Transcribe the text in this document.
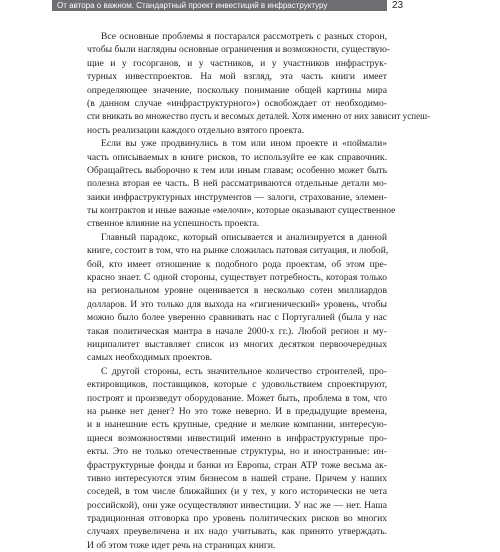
От автора о важном. Стандартный проект инвестиций в инфраструктуру	23
Все основные проблемы я постарался рассмотреть с разных сторон,
чтобы были наглядны основные ограничения и возможности, существую-
щие и у госорганов, и у частников, и у участников инфраструк-
турных инвестпроектов. На мой взгляд, эта часть книги имеет
определяющее значение, поскольку понимание общей картины мира
(в данном случае «инфраструктурного») освобождает от необходимо-
сти вникать во множество пусть и весомых деталей. Хотя именно от них зависит успеш-
ность реализации каждого отдельно взятого проекта.
Если вы уже продвинулись в том или ином проекте и «поймали»
часть описываемых в книге рисков, то используйте ее как справочник.
Обращайтесь выборочно к тем или иным главам; особенно может быть
полезна вторая ее часть. В ней рассматриваются отдельные детали мо-
заики инфраструктурных инструментов — залоги, страхование, элемен-
ты контрактов и иные важные «мелочи», которые оказывают существенное
ственное влияние на успешность проекта.
Главный парадокс, который описывается и анализируется в данной
книге, состоит в том, что на рынке сложилась патовая ситуация, и любой,
бой, кто имеет отношение к подобного рода проектам, об этом пре-
красно знает. С одной стороны, существует потребность, которая только
на региональном уровне оценивается в несколько сотен миллиардов
долларов. И это только для выхода на «гигиенический» уровень, чтобы
можно было более уверенно сравнивать нас с Португалией (была у нас
такая политическая мантра в начале 2000-х гг.). Любой регион и му-
ниципалитет выставляет список из многих десятков первоочередных
самых необходимых проектов.
С другой стороны, есть значительное количество строителей, про-
ектировщиков, поставщиков, которые с удовольствием спроектируют,
построят и произведут оборудование. Может быть, проблема в том, что
на рынке нет денег? Но это тоже неверно. И в предыдущие времена,
и в нынешние есть крупные, средние и мелкие компании, интересую-
щиеся возможностями инвестиций именно в инфраструктурные про-
екты. Это не только отечественные структуры, но и иностранные: ин-
фраструктурные фонды и банки из Европы, стран АТР тоже весьма ак-
тивно интересуются этим бизнесом в нашей стране. Причем у наших
соседей, в том числе ближайших (и у тех, у кого исторически не чета
российской), они уже осуществляют инвестиции. У нас же — нет. Наша
традиционная отговорка про уровень политических рисков во многих
случаях преувеличена и их надо учитывать, как принято утверждать.
И об этом тоже идет речь на страницах книги.
